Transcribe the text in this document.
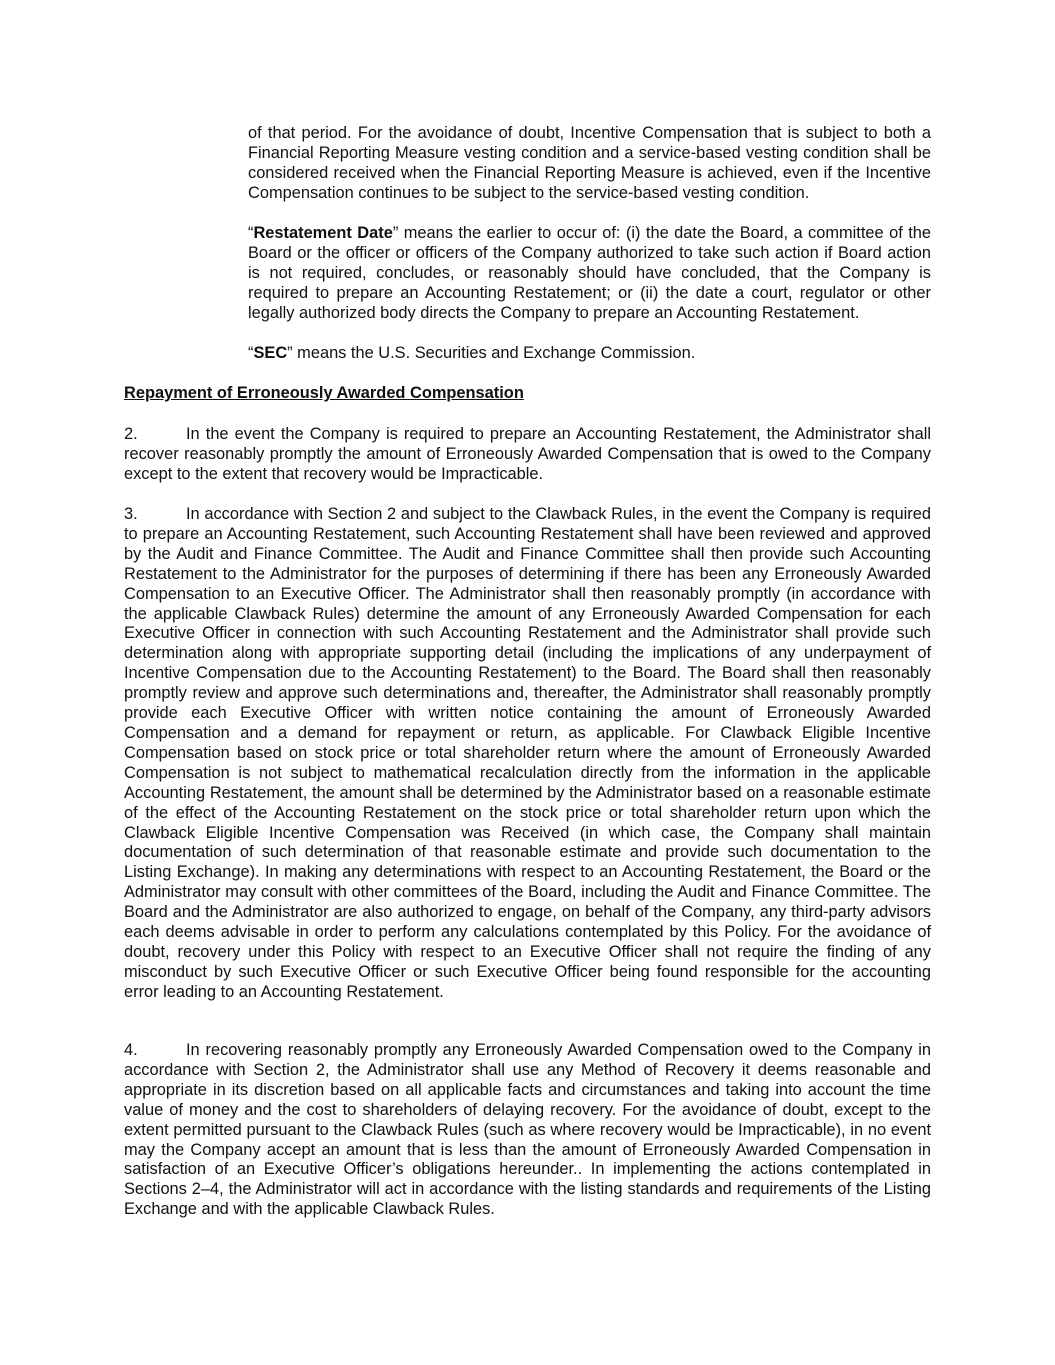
of that period. For the avoidance of doubt, Incentive Compensation that is subject to both a Financial Reporting Measure vesting condition and a service-based vesting condition shall be considered received when the Financial Reporting Measure is achieved, even if the Incentive Compensation continues to be subject to the service-based vesting condition.

“Restatement Date” means the earlier to occur of: (i) the date the Board, a committee of the Board or the officer or officers of the Company authorized to take such action if Board action is not required, concludes, or reasonably should have concluded, that the Company is required to prepare an Accounting Restatement; or (ii) the date a court, regulator or other legally authorized body directs the Company to prepare an Accounting Restatement.

“SEC” means the U.S. Securities and Exchange Commission.

Repayment of Erroneously Awarded Compensation

2.	In the event the Company is required to prepare an Accounting Restatement, the Administrator shall recover reasonably promptly the amount of Erroneously Awarded Compensation that is owed to the Company except to the extent that recovery would be Impracticable.

3.	In accordance with Section 2 and subject to the Clawback Rules, in the event the Company is required to prepare an Accounting Restatement, such Accounting Restatement shall have been reviewed and approved by the Audit and Finance Committee. The Audit and Finance Committee shall then provide such Accounting Restatement to the Administrator for the purposes of determining if there has been any Erroneously Awarded Compensation to an Executive Officer. The Administrator shall then reasonably promptly (in accordance with the applicable Clawback Rules) determine the amount of any Erroneously Awarded Compensation for each Executive Officer in connection with such Accounting Restatement and the Administrator shall provide such determination along with appropriate supporting detail (including the implications of any underpayment of Incentive Compensation due to the Accounting Restatement) to the Board. The Board shall then reasonably promptly review and approve such determinations and, thereafter, the Administrator shall reasonably promptly provide each Executive Officer with written notice containing the amount of Erroneously Awarded Compensation and a demand for repayment or return, as applicable. For Clawback Eligible Incentive Compensation based on stock price or total shareholder return where the amount of Erroneously Awarded Compensation is not subject to mathematical recalculation directly from the information in the applicable Accounting Restatement, the amount shall be determined by the Administrator based on a reasonable estimate of the effect of the Accounting Restatement on the stock price or total shareholder return upon which the Clawback Eligible Incentive Compensation was Received (in which case, the Company shall maintain documentation of such determination of that reasonable estimate and provide such documentation to the Listing Exchange). In making any determinations with respect to an Accounting Restatement, the Board or the Administrator may consult with other committees of the Board, including the Audit and Finance Committee. The Board and the Administrator are also authorized to engage, on behalf of the Company, any third-party advisors each deems advisable in order to perform any calculations contemplated by this Policy. For the avoidance of doubt, recovery under this Policy with respect to an Executive Officer shall not require the finding of any misconduct by such Executive Officer or such Executive Officer being found responsible for the accounting error leading to an Accounting Restatement.

4.	In recovering reasonably promptly any Erroneously Awarded Compensation owed to the Company in accordance with Section 2, the Administrator shall use any Method of Recovery it deems reasonable and appropriate in its discretion based on all applicable facts and circumstances and taking into account the time value of money and the cost to shareholders of delaying recovery. For the avoidance of doubt, except to the extent permitted pursuant to the Clawback Rules (such as where recovery would be Impracticable), in no event may the Company accept an amount that is less than the amount of Erroneously Awarded Compensation in satisfaction of an Executive Officer’s obligations hereunder.. In implementing the actions contemplated in Sections 2–4, the Administrator will act in accordance with the listing standards and requirements of the Listing Exchange and with the applicable Clawback Rules.
